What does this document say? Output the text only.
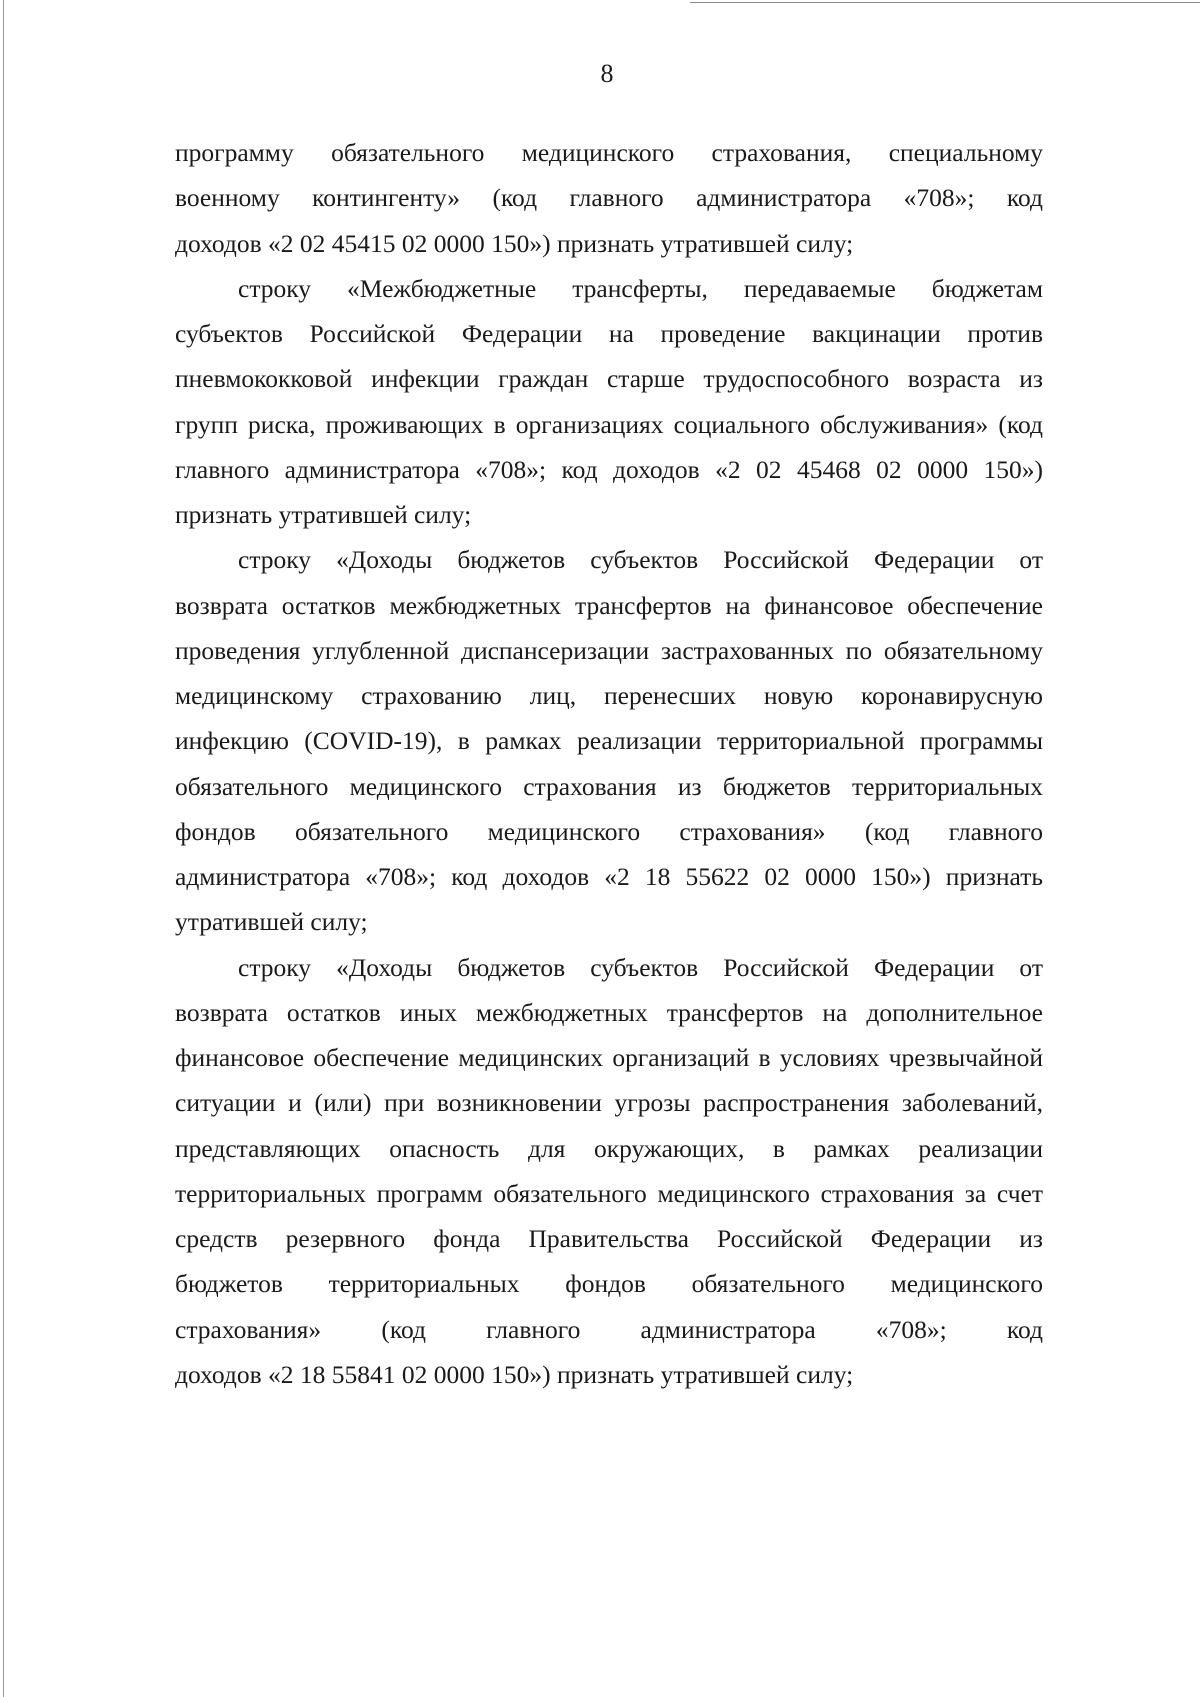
8
программу обязательного медицинского страхования, специальному
военному контингенту» (код главного администратора «708»; код
доходов «2 02 45415 02 0000 150») признать утратившей силу;
строку «Межбюджетные трансферты, передаваемые бюджетам
субъектов Российской Федерации на проведение вакцинации против
пневмококковой инфекции граждан старше трудоспособного возраста из
групп риска, проживающих в организациях социального обслуживания» (код
главного администратора «708»; код доходов «2 02 45468 02 0000 150»)
признать утратившей силу;
строку «Доходы бюджетов субъектов Российской Федерации от
возврата остатков межбюджетных трансфертов на финансовое обеспечение
проведения углубленной диспансеризации застрахованных по обязательному
медицинскому страхованию лиц, перенесших новую коронавирусную
инфекцию (COVID-19), в рамках реализации территориальной программы
обязательного медицинского страхования из бюджетов территориальных
фондов обязательного медицинского страхования» (код главного
администратора «708»; код доходов «2 18 55622 02 0000 150») признать
утратившей силу;
строку «Доходы бюджетов субъектов Российской Федерации от
возврата остатков иных межбюджетных трансфертов на дополнительное
финансовое обеспечение медицинских организаций в условиях чрезвычайной
ситуации и (или) при возникновении угрозы распространения заболеваний,
представляющих опасность для окружающих, в рамках реализации
территориальных программ обязательного медицинского страхования за счет
средств резервного фонда Правительства Российской Федерации из
бюджетов территориальных фондов обязательного медицинского
страхования» (код главного администратора «708»; код
доходов «2 18 55841 02 0000 150») признать утратившей силу;
